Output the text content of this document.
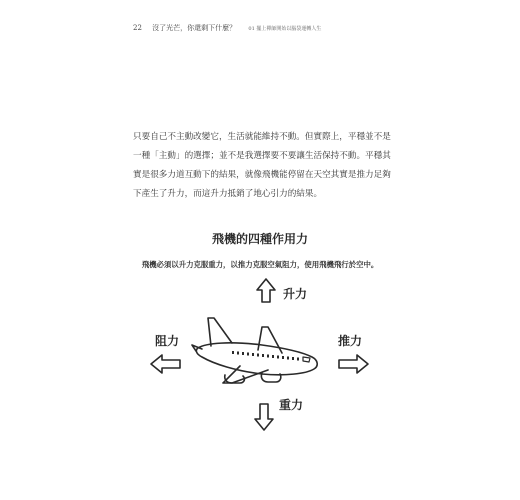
22 沒了光芒，你還剩下什麼？ 01 擺上禪師開始以腦袋運轉人生

只要自己不主動改變它，生活就能維持不動。但實際上，平穩並不是

一種「主動」的選擇；並不是我選擇要不要讓生活保持不動。平穩其

實是很多力道互動下的結果，就像飛機能停留在天空其實是推力足夠

下產生了升力，而這升力抵銷了地心引力的結果。

飛機的四種作用力
飛機必須以升力克服重力，以推力克服空氣阻力，使用飛機飛行於空中。
升力
阻力	推力
重力
